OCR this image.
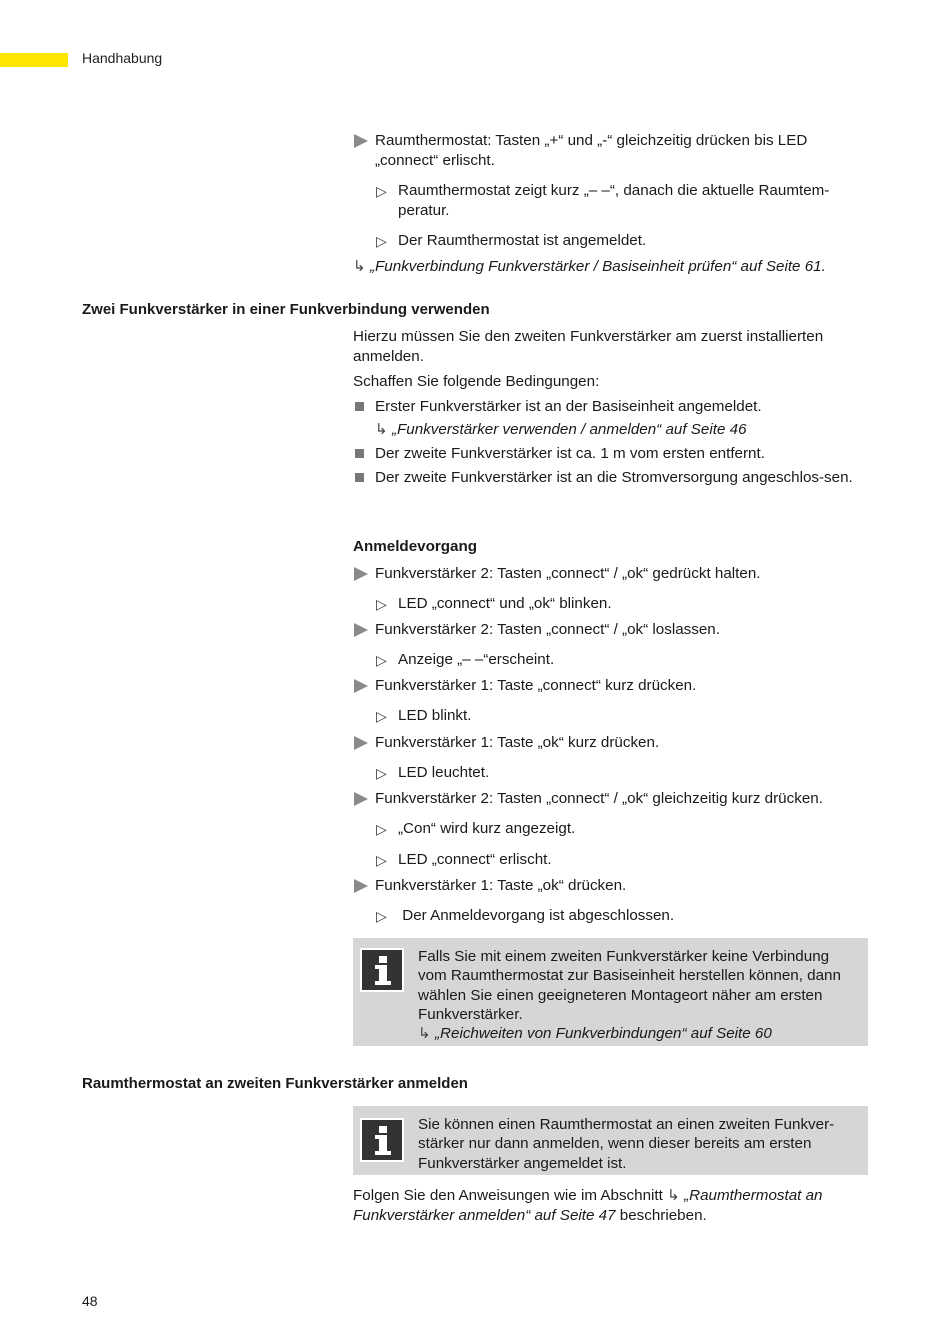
Handhabung
Raumthermostat: Tasten „+“ und „-“ gleichzeitig drücken bis LED „connect“ erlischt.
▷ Raumthermostat zeigt kurz „– –“, danach die aktuelle Raumtem-peratur.
▷ Der Raumthermostat ist angemeldet.
↳ „Funkverbindung Funkverstärker / Basiseinheit prüfen“ auf Seite 61.
Zwei Funkverstärker in einer Funkverbindung verwenden
Hierzu müssen Sie den zweiten Funkverstärker am zuerst installierten anmelden.
Schaffen Sie folgende Bedingungen:
Erster Funkverstärker ist an der Basiseinheit angemeldet.
↳ „Funkverstärker verwenden / anmelden“ auf Seite 46
Der zweite Funkverstärker ist ca. 1 m vom ersten entfernt.
Der zweite Funkverstärker ist an die Stromversorgung angeschlos-sen.
Anmeldevorgang
Funkverstärker 2: Tasten „connect“ / „ok“ gedrückt halten.
▷ LED „connect“ und „ok“ blinken.
Funkverstärker 2: Tasten „connect“ / „ok“ loslassen.
▷ Anzeige „– –“erscheint.
Funkverstärker 1: Taste „connect“ kurz drücken.
▷ LED blinkt.
Funkverstärker 1: Taste „ok“ kurz drücken.
▷ LED leuchtet.
Funkverstärker 2: Tasten „connect“ / „ok“ gleichzeitig kurz drücken.
▷ „Con“ wird kurz angezeigt.
▷ LED „connect“ erlischt.
Funkverstärker 1: Taste „ok“ drücken.
▷ Der Anmeldevorgang ist abgeschlossen.
Falls Sie mit einem zweiten Funkverstärker keine Verbindung vom Raumthermostat zur Basiseinheit herstellen können, dann wählen Sie einen geeigneteren Montageort näher am ersten Funkverstärker.
↳ „Reichweiten von Funkverbindungen“ auf Seite 60
Raumthermostat an zweiten Funkverstärker anmelden
Sie können einen Raumthermostat an einen zweiten Funkver-stärker nur dann anmelden, wenn dieser bereits am ersten Funkverstärker angemeldet ist.
Folgen Sie den Anweisungen wie im Abschnitt ↳ „Raumthermostat an Funkverstärker anmelden“ auf Seite 47 beschrieben.
48
